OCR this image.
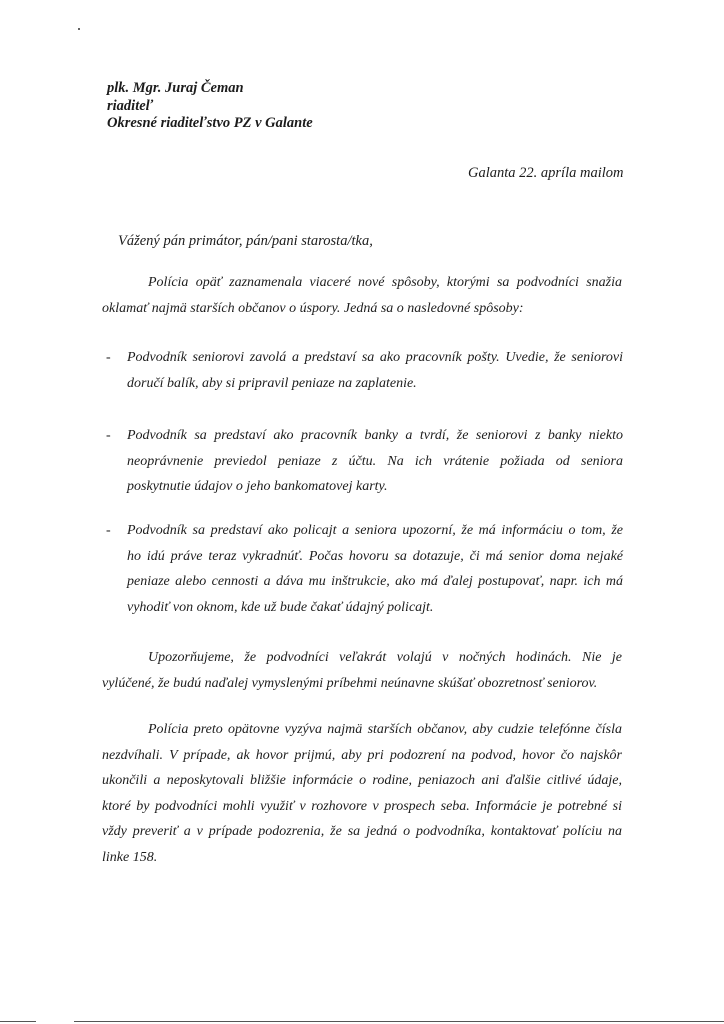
plk. Mgr. Juraj Čeman
riaditeľ
Okresné riaditeľstvo PZ v Galante
Galanta 22. apríla mailom
Vážený pán primátor, pán/pani starosta/tka,
Polícia opäť zaznamenala viaceré nové spôsoby, ktorými sa podvodníci snažia
oklamať najmä starších občanov o úspory. Jedná sa o nasledovné spôsoby:
- Podvodník seniorovi zavolá a predstaví sa ako pracovník pošty. Uvedie, že seniorovi
doručí balík, aby si pripravil peniaze na zaplatenie.
- Podvodník sa predstaví ako pracovník banky a tvrdí, že seniorovi z banky niekto
neoprávnenie previedol peniaze z účtu. Na ich vrátenie požiada od seniora
poskytnutie údajov o jeho bankomatovej karty.
- Podvodník sa predstaví ako policajt a seniora upozorní, že má informáciu o tom, že
ho idú práve teraz vykradnúť. Počas hovoru sa dotazuje, či má senior doma nejaké
peniaze alebo cennosti a dáva mu inštrukcie, ako má ďalej postupovať, napr. ich má
vyhodiť von oknom, kde už bude čakať údajný policajt.
Upozorňujeme, že podvodníci veľakrát volajú v nočných hodinách. Nie je
vylúčené, že budú naďalej vymyslenými príbehmi neúnavne skúšať obozretnosť seniorov.
Polícia preto opätovne vyzýva najmä starších občanov, aby cudzie telefónne čísla
nezdvíhali. V prípade, ak hovor prijmú, aby pri podozrení na podvod, hovor čo najskôr
ukončili a neposkytovali bližšie informácie o rodine, peniazoch ani ďalšie citlivé údaje,
ktoré by podvodníci mohli využiť v rozhovore v prospech seba. Informácie je potrebné si
vždy preveriť a v prípade podozrenia, že sa jedná o podvodníka, kontaktovať políciu na
linke 158.
